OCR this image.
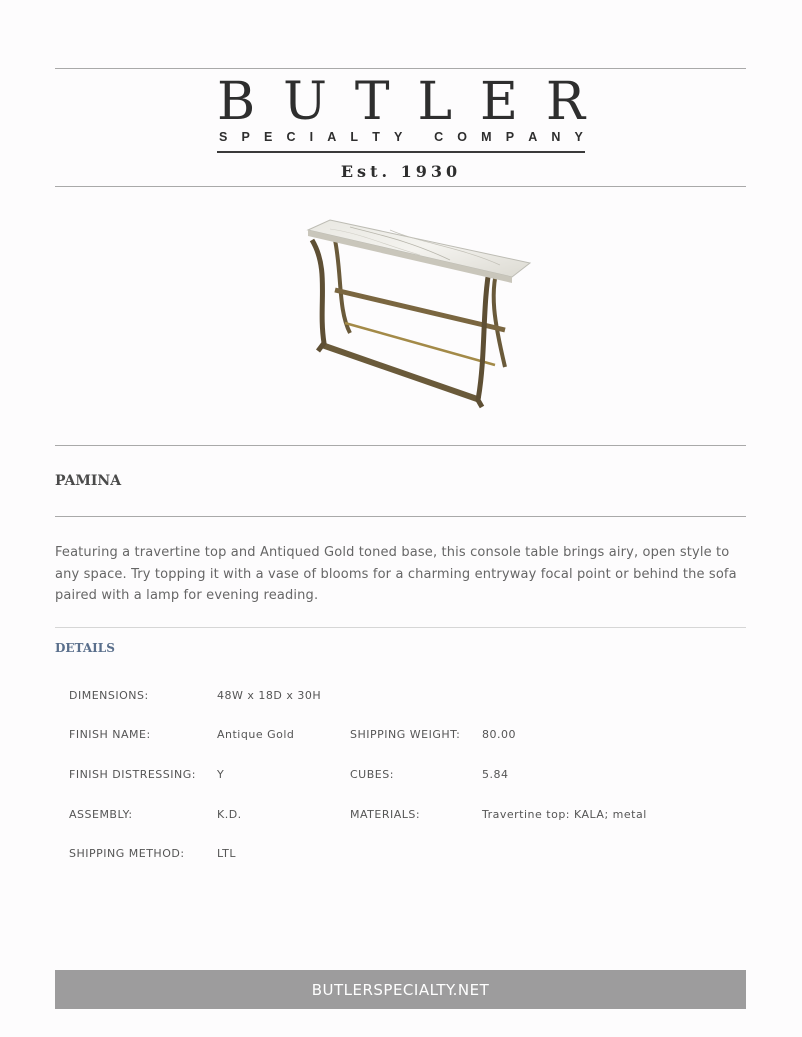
B U T L E R
S P E C I A L T Y
	C O M P A N Y
Est. 1930
PAMINA
Featuring a travertine top and Antiqued Gold toned base, this console table brings airy, open style to any space. Try topping it with a vase of blooms for a charming entryway focal point or behind the sofa paired with a lamp for evening reading.
DETAILS
DIMENSIONS:	48W x 18D x 30H
FINISH NAME:	Antique Gold	SHIPPING WEIGHT: 80.00
FINISH DISTRESSING: Y	CUBES:	5.84
ASSEMBLY:	K.D.	MATERIALS:	Travertine top: KALA; metal
SHIPPING METHOD:	LTL
BUTLERSPECIALTY.NET
